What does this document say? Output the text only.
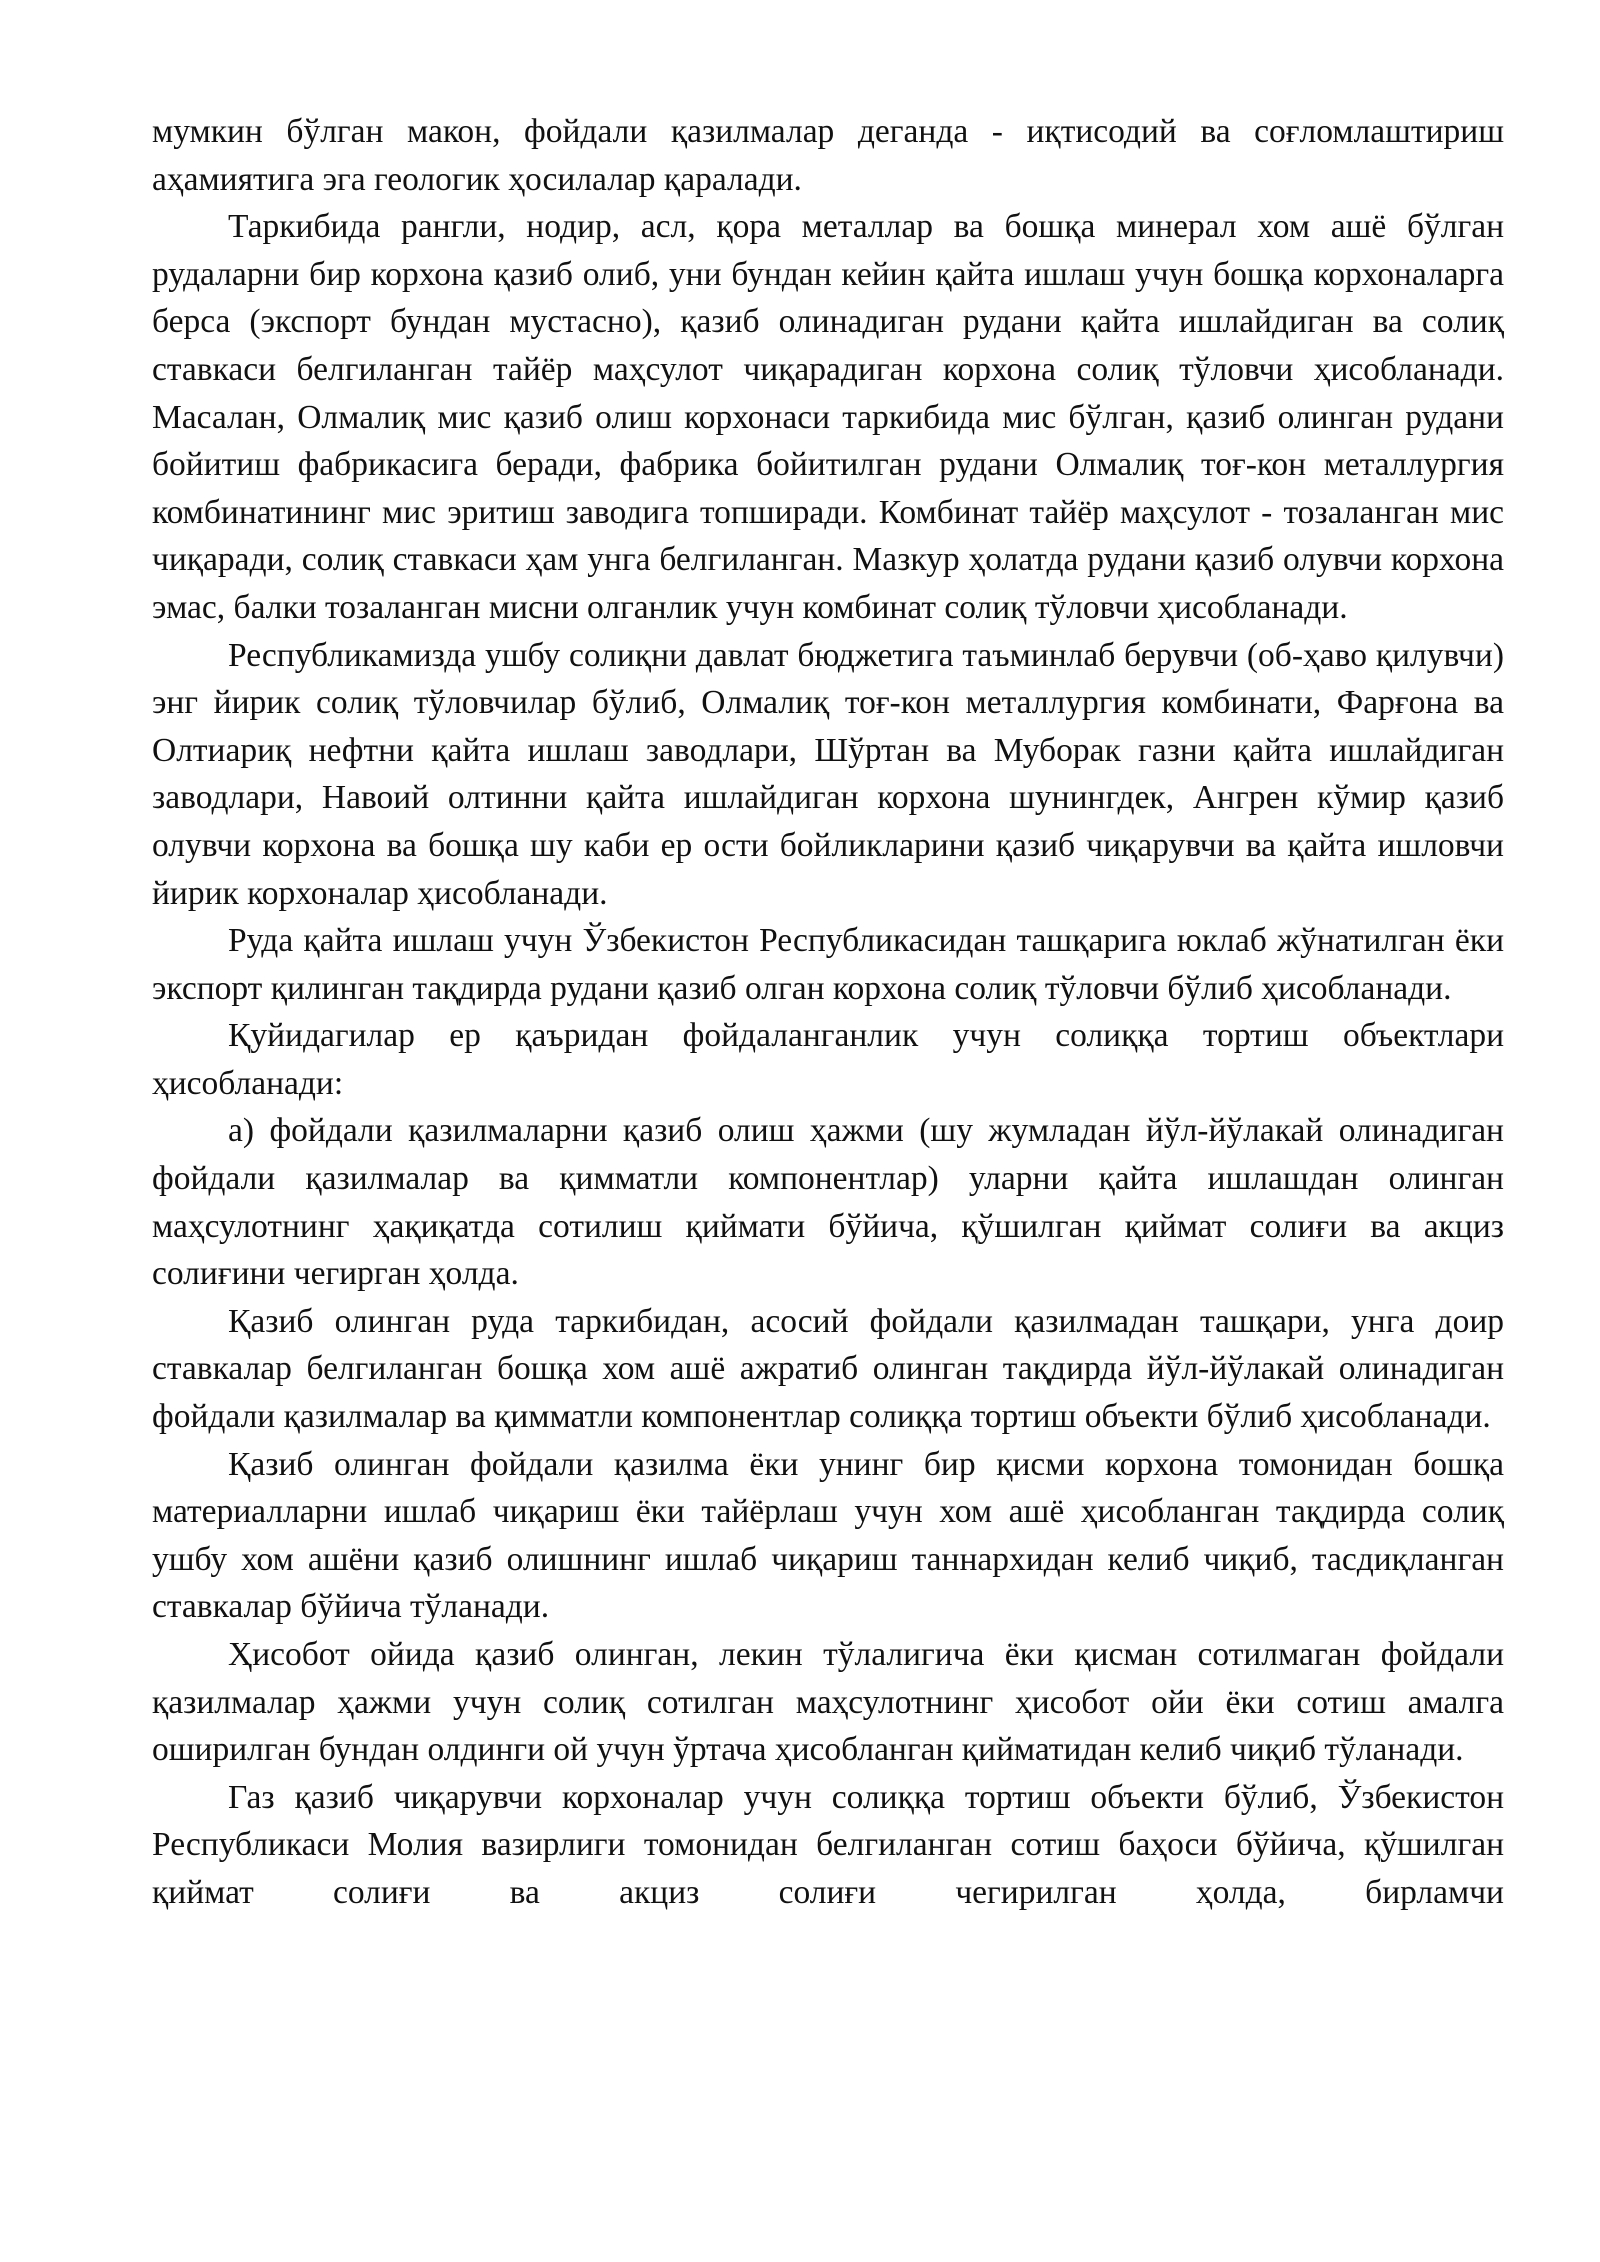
мумкин бўлган макон, фойдали қазилмалар деганда - иқтисодий ва соғломлаштириш аҳамиятига эга геологик ҳосилалар қаралади.

Таркибида рангли, нодир, асл, қора металлар ва бошқа минерал хом ашё бўлган рудаларни бир корхона қазиб олиб, уни бундан кейин қайта ишлаш учун бошқа корхоналарга берса (экспорт бундан мустасно), қазиб олинадиган рудани қайта ишлайдиган ва солиқ ставкаси белгиланган тайёр маҳсулот чиқарадиган корхона солиқ тўловчи ҳисобланади. Масалан, Олмалиқ мис қазиб олиш корхонаси таркибида мис бўлган, қазиб олинган рудани бойитиш фабрикасига беради, фабрика бойитилган рудани Олмалиқ тоғ-кон металлургия комбинатининг мис эритиш заводига топширади. Комбинат тайёр маҳсулот - тозаланган мис чиқаради, солиқ ставкаси ҳам унга белгиланган. Мазкур ҳолатда рудани қазиб олувчи корхона эмас, балки тозаланган мисни олганлик учун комбинат солиқ тўловчи ҳисобланади.

Республикамизда ушбу солиқни давлат бюджетига таъминлаб берувчи (об-ҳаво қилувчи) энг йирик солиқ тўловчилар бўлиб, Олмалиқ тоғ-кон металлургия комбинати, Фарғона ва Олтиариқ нефтни қайта ишлаш заводлари, Шўртан ва Муборак газни қайта ишлайдиган заводлари, Навоий олтинни қайта ишлайдиган корхона шунингдек, Ангрен кўмир қазиб олувчи корхона ва бошқа шу каби ер ости бойликларини қазиб чиқарувчи ва қайта ишловчи йирик корхоналар ҳисобланади.

Руда қайта ишлаш учун Ўзбекистон Республикасидан ташқарига юклаб жўнатилган ёки экспорт қилинган тақдирда рудани қазиб олган корхона солиқ тўловчи бўлиб ҳисобланади.

Қуйидагилар ер қаъридан фойдаланганлик учун солиққа тортиш объектлари ҳисобланади:

а) фойдали қазилмаларни қазиб олиш ҳажми (шу жумладан йўл-йўлакай олинадиган фойдали қазилмалар ва қимматли компонентлар) уларни қайта ишлашдан олинган маҳсулотнинг ҳақиқатда сотилиш қиймати бўйича, қўшилган қиймат солиғи ва акциз солиғини чегирган ҳолда.

Қазиб олинган руда таркибидан, асосий фойдали қазилмадан ташқари, унга доир ставкалар белгиланган бошқа хом ашё ажратиб олинган тақдирда йўл-йўлакай олинадиган фойдали қазилмалар ва қимматли компонентлар солиққа тортиш объекти бўлиб ҳисобланади.

Қазиб олинган фойдали қазилма ёки унинг бир қисми корхона томонидан бошқа материалларни ишлаб чиқариш ёки тайёрлаш учун хом ашё ҳисобланган тақдирда солиқ ушбу хом ашёни қазиб олишнинг ишлаб чиқариш таннархидан келиб чиқиб, тасдиқланган ставкалар бўйича тўланади.

Ҳисобот ойида қазиб олинган, лекин тўлалигича ёки қисман сотилмаган фойдали қазилмалар ҳажми учун солиқ сотилган маҳсулотнинг ҳисобот ойи ёки сотиш амалга оширилган бундан олдинги ой учун ўртача ҳисобланган қийматидан келиб чиқиб тўланади.

Газ қазиб чиқарувчи корхоналар учун солиққа тортиш объекти бўлиб, Ўзбекистон Республикаси Молия вазирлиги томонидан белгиланган сотиш баҳоси бўйича, қўшилган қиймат солиғи ва акциз солиғи чегирилган ҳолда, бирламчи
